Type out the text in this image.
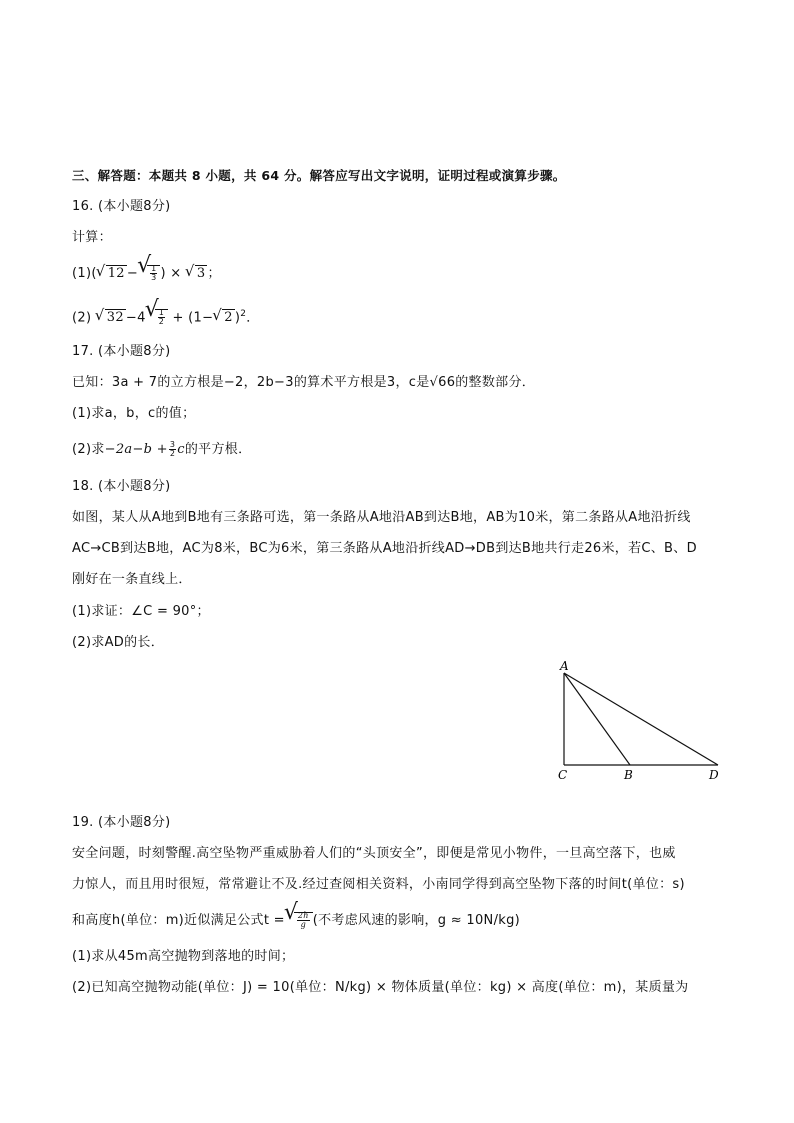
三、解答题：本题共 8 小题，共 64 分。解答应写出文字说明，证明过程或演算步骤。
16. (本小题8分)
计算：
(1)(√ 12 −
√ $\frac{1}{3}$ ) × √ 3 ；
(2) √ 32 −4
√ $\frac{1}{2} + (1-√$ 2 )$^2$．
17. (本小题8分)
已知：3a + 7的立方根是−2，2b−3的算术平方根是3，c是√66的整数部分．
(1)求a，b，c的值；
(2)求$-2a-b + \frac{3}{2}$ c的平方根．
18. (本小题8分)
如图，某人从A地到B地有三条路可选，第一条路从A地沿AB到达B地，AB为10米，第二条路从A地沿折线
AC→CB到达B地，AC为8米，BC为6米，第三条路从A地沿折线AD→DB到达B地共行走26米，若C、B、D
刚好在一条直线上．
(1)求证：∠C = 90°；
(2)求AD的长．
A
C	B	D
19. (本小题8分)
安全问题，时刻警醒.高空坠物严重威胁着人们的“头顶安全”，即便是常见小物件，一旦高空落下，也威
力惊人，而且用时很短，常常避让不及.经过查阅相关资料，小南同学得到高空坠物下落的时间t(单位：s)
和高度h(单位：m)近似满足公式t =
√ $\frac{2h}{g}$ (不考虑风速的影响，g ≈ 10N/kg)
(1)求从45m高空抛物到落地的时间；
(2)已知高空抛物动能(单位：J) = 10(单位：N/kg) × 物体质量(单位：kg) × 高度(单位：m)，某质量为
